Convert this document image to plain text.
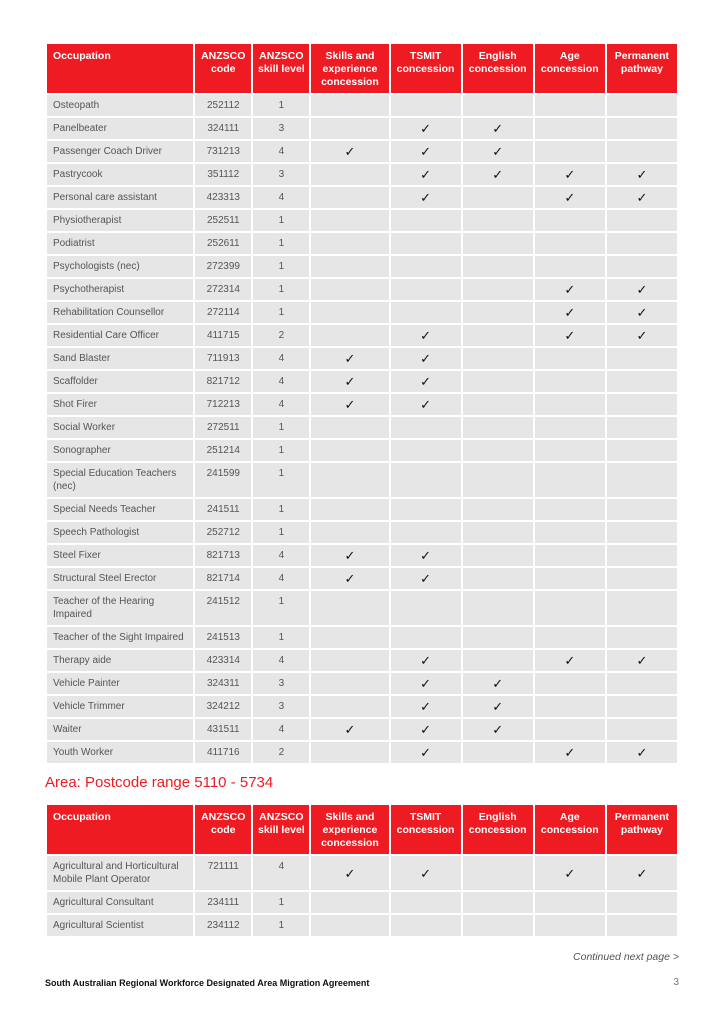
Occupation	ANZSCO code	ANZSCO skill level	Skills and experience concession	TSMIT concession	English concession	Age concession	Permanent pathway
Osteopath	252112	1					
Panelbeater	324111	3		✓	✓		
Passenger Coach Driver	731213	4	✓	✓	✓		
Pastrycook	351112	3		✓	✓	✓	✓
Personal care assistant	423313	4		✓		✓	✓
Physiotherapist	252511	1					
Podiatrist	252611	1					
Psychologists (nec)	272399	1					
Psychotherapist	272314	1				✓	✓
Rehabilitation Counsellor	272114	1				✓	✓
Residential Care Officer	411715	2		✓		✓	✓
Sand Blaster	711913	4	✓	✓			
Scaffolder	821712	4	✓	✓			
Shot Firer	712213	4	✓	✓			
Social Worker	272511	1					
Sonographer	251214	1					
Special Education Teachers (nec)	241599	1					
Special Needs Teacher	241511	1					
Speech Pathologist	252712	1					
Steel Fixer	821713	4	✓	✓			
Structural Steel Erector	821714	4	✓	✓			
Teacher of the Hearing Impaired	241512	1					
Teacher of the Sight Impaired	241513	1					
Therapy aide	423314	4		✓		✓	✓
Vehicle Painter	324311	3		✓	✓		
Vehicle Trimmer	324212	3		✓	✓		
Waiter	431511	4	✓	✓	✓		
Youth Worker	411716	2		✓		✓	✓
Area: Postcode range 5110 - 5734
Occupation	ANZSCO code	ANZSCO skill level	Skills and experience concession	TSMIT concession	English concession	Age concession	Permanent pathway
Agricultural and Horticultural Mobile Plant Operator	721111	4	✓	✓		✓	✓
Agricultural Consultant	234111	1					
Agricultural Scientist	234112	1					
Continued next page >
South Australian Regional Workforce Designated Area Migration Agreement	3
